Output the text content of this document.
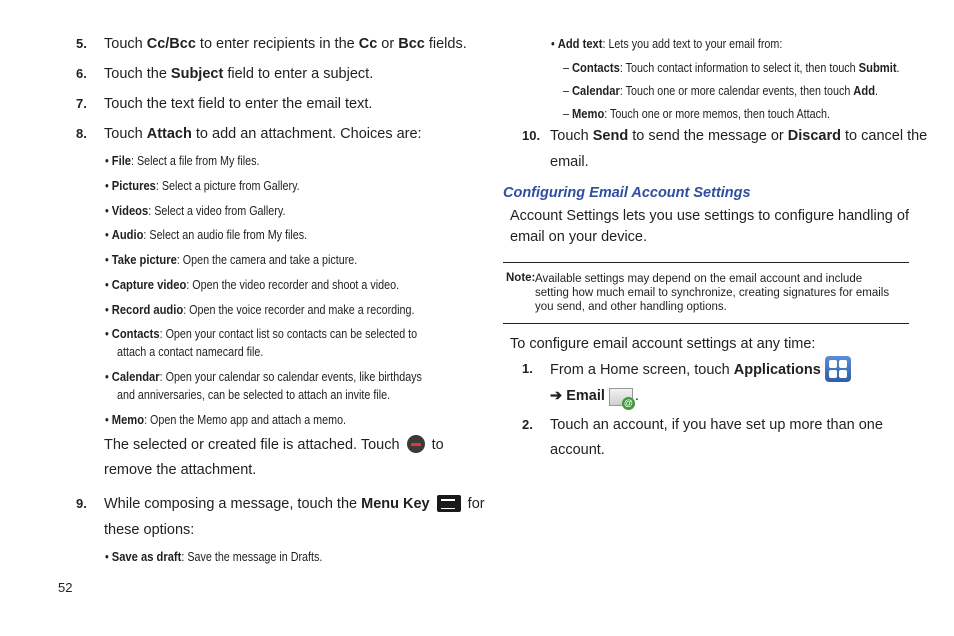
5. Touch Cc/Bcc to enter recipients in the Cc or Bcc fields.
6. Touch the Subject field to enter a subject.
7. Touch the text field to enter the email text.
8. Touch Attach to add an attachment. Choices are:
• File: Select a file from My files.
• Pictures: Select a picture from Gallery.
• Videos: Select a video from Gallery.
• Audio: Select an audio file from My files.
• Take picture: Open the camera and take a picture.
• Capture video: Open the video recorder and shoot a video.
• Record audio: Open the voice recorder and make a recording.
• Contacts: Open your contact list so contacts can be selected to
attach a contact namecard file.
• Calendar: Open your calendar so calendar events, like birthdays
and anniversaries, can be selected to attach an invite file.
• Memo: Open the Memo app and attach a memo.
The selected or created file is attached. Touch to
remove the attachment.
9. While composing a message, touch the Menu Key	for
these options:
• Save as draft: Save the message in Drafts.
52
• Add text: Lets you add text to your email from:
– Contacts: Touch contact information to select it, then touch Submit.
– Calendar: Touch one or more calendar events, then touch Add.
– Memo: Touch one or more memos, then touch Attach.
10. Touch Send to send the message or Discard to cancel the
email.
Configuring Email Account Settings
Account Settings lets you use settings to configure handling of
email on your device.
Note: Available settings may depend on the email account and include
setting how much email to synchronize, creating signatures for emails
you send, and other handling options.
To configure email account settings at any time:
1. From a Home screen, touch Applications
➔ Email @ .
2. Touch an account, if you have set up more than one
account.
